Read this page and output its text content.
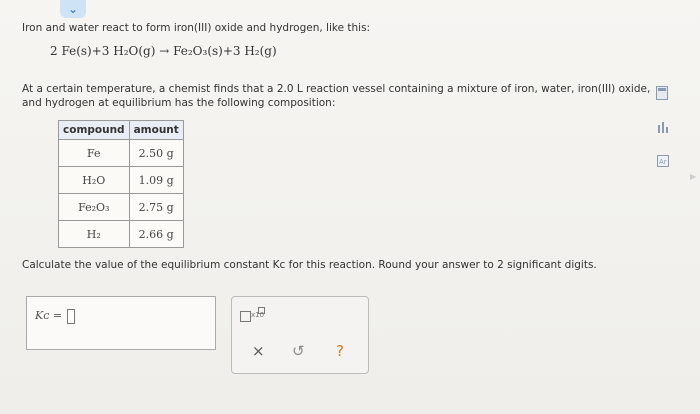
⌄
Iron and water react to form iron(III) oxide and hydrogen, like this:
2 Fe(s)+3 H₂O(g) → Fe₂O₃(s)+3 H₂(g)
At a certain temperature, a chemist finds that a 2.0 L reaction vessel containing a mixture of iron, water, iron(III) oxide, and hydrogen at equilibrium has the following composition:
compound	amount
Fe	2.50 g
H₂O	1.09 g
Fe₂O₃	2.75 g
H₂	2.66 g
Calculate the value of the equilibrium constant Kᴄ for this reaction. Round your answer to 2 significant digits.
Kᴄ =	x10
× ↺ ?
Ar
▶
